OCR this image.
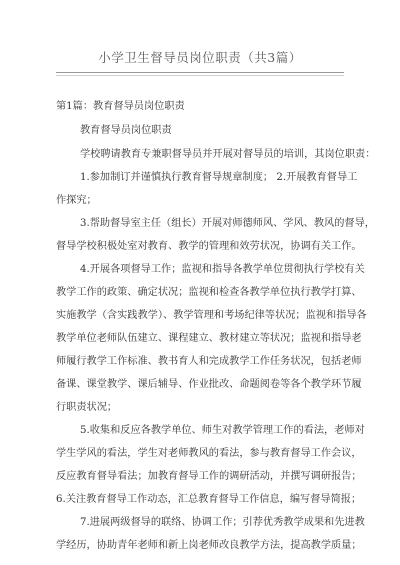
小学卫生督导员岗位职责（共3篇）
第1篇：教育督导员岗位职责
教育督导员岗位职责
学校聘请教育专兼职督导员并开展对督导员的培训，其岗位职责：
1.参加制订并谨慎执行教育督导规章制度； 2.开展教育督导工
作探究；
3.帮助督导室主任（组长）开展对师德师风、学风、教风的督导，
督导学校积极处室对教育、教学的管理和效劳状况，协调有关工作。
4.开展各项督导工作；监视和指导各教学单位贯彻执行学校有关
教学工作的政策、确定状况；监视和检查各教学单位执行教学打算、
实施教学（含实践教学）、教学管理和考场纪律等状况；监视和指导各
教学单位老师队伍建立、课程建立、教材建立等状况；监视和指导老
师履行教学工作标准、教书育人和完成教学工作任务状况，包括老师
备课、课堂教学、课后辅导、作业批改、命题阅卷等各个教学环节履
行职责状况；
5.收集和反应各教学单位、师生对教学管理工作的看法，老师对
学生学风的看法，学生对老师教风的看法，参与教育督导工作会议，
反应教育督导看法；加教育督导工作的调研活动，并撰写调研报告；
6.关注教育督导工作动态，汇总教育督导工作信息，编写督导简报；
7.进展两级督导的联络、协调工作；引荐优秀教学成果和先进教
学经历，协助青年老师和新上岗老师改良教学方法，提高教学质量；
